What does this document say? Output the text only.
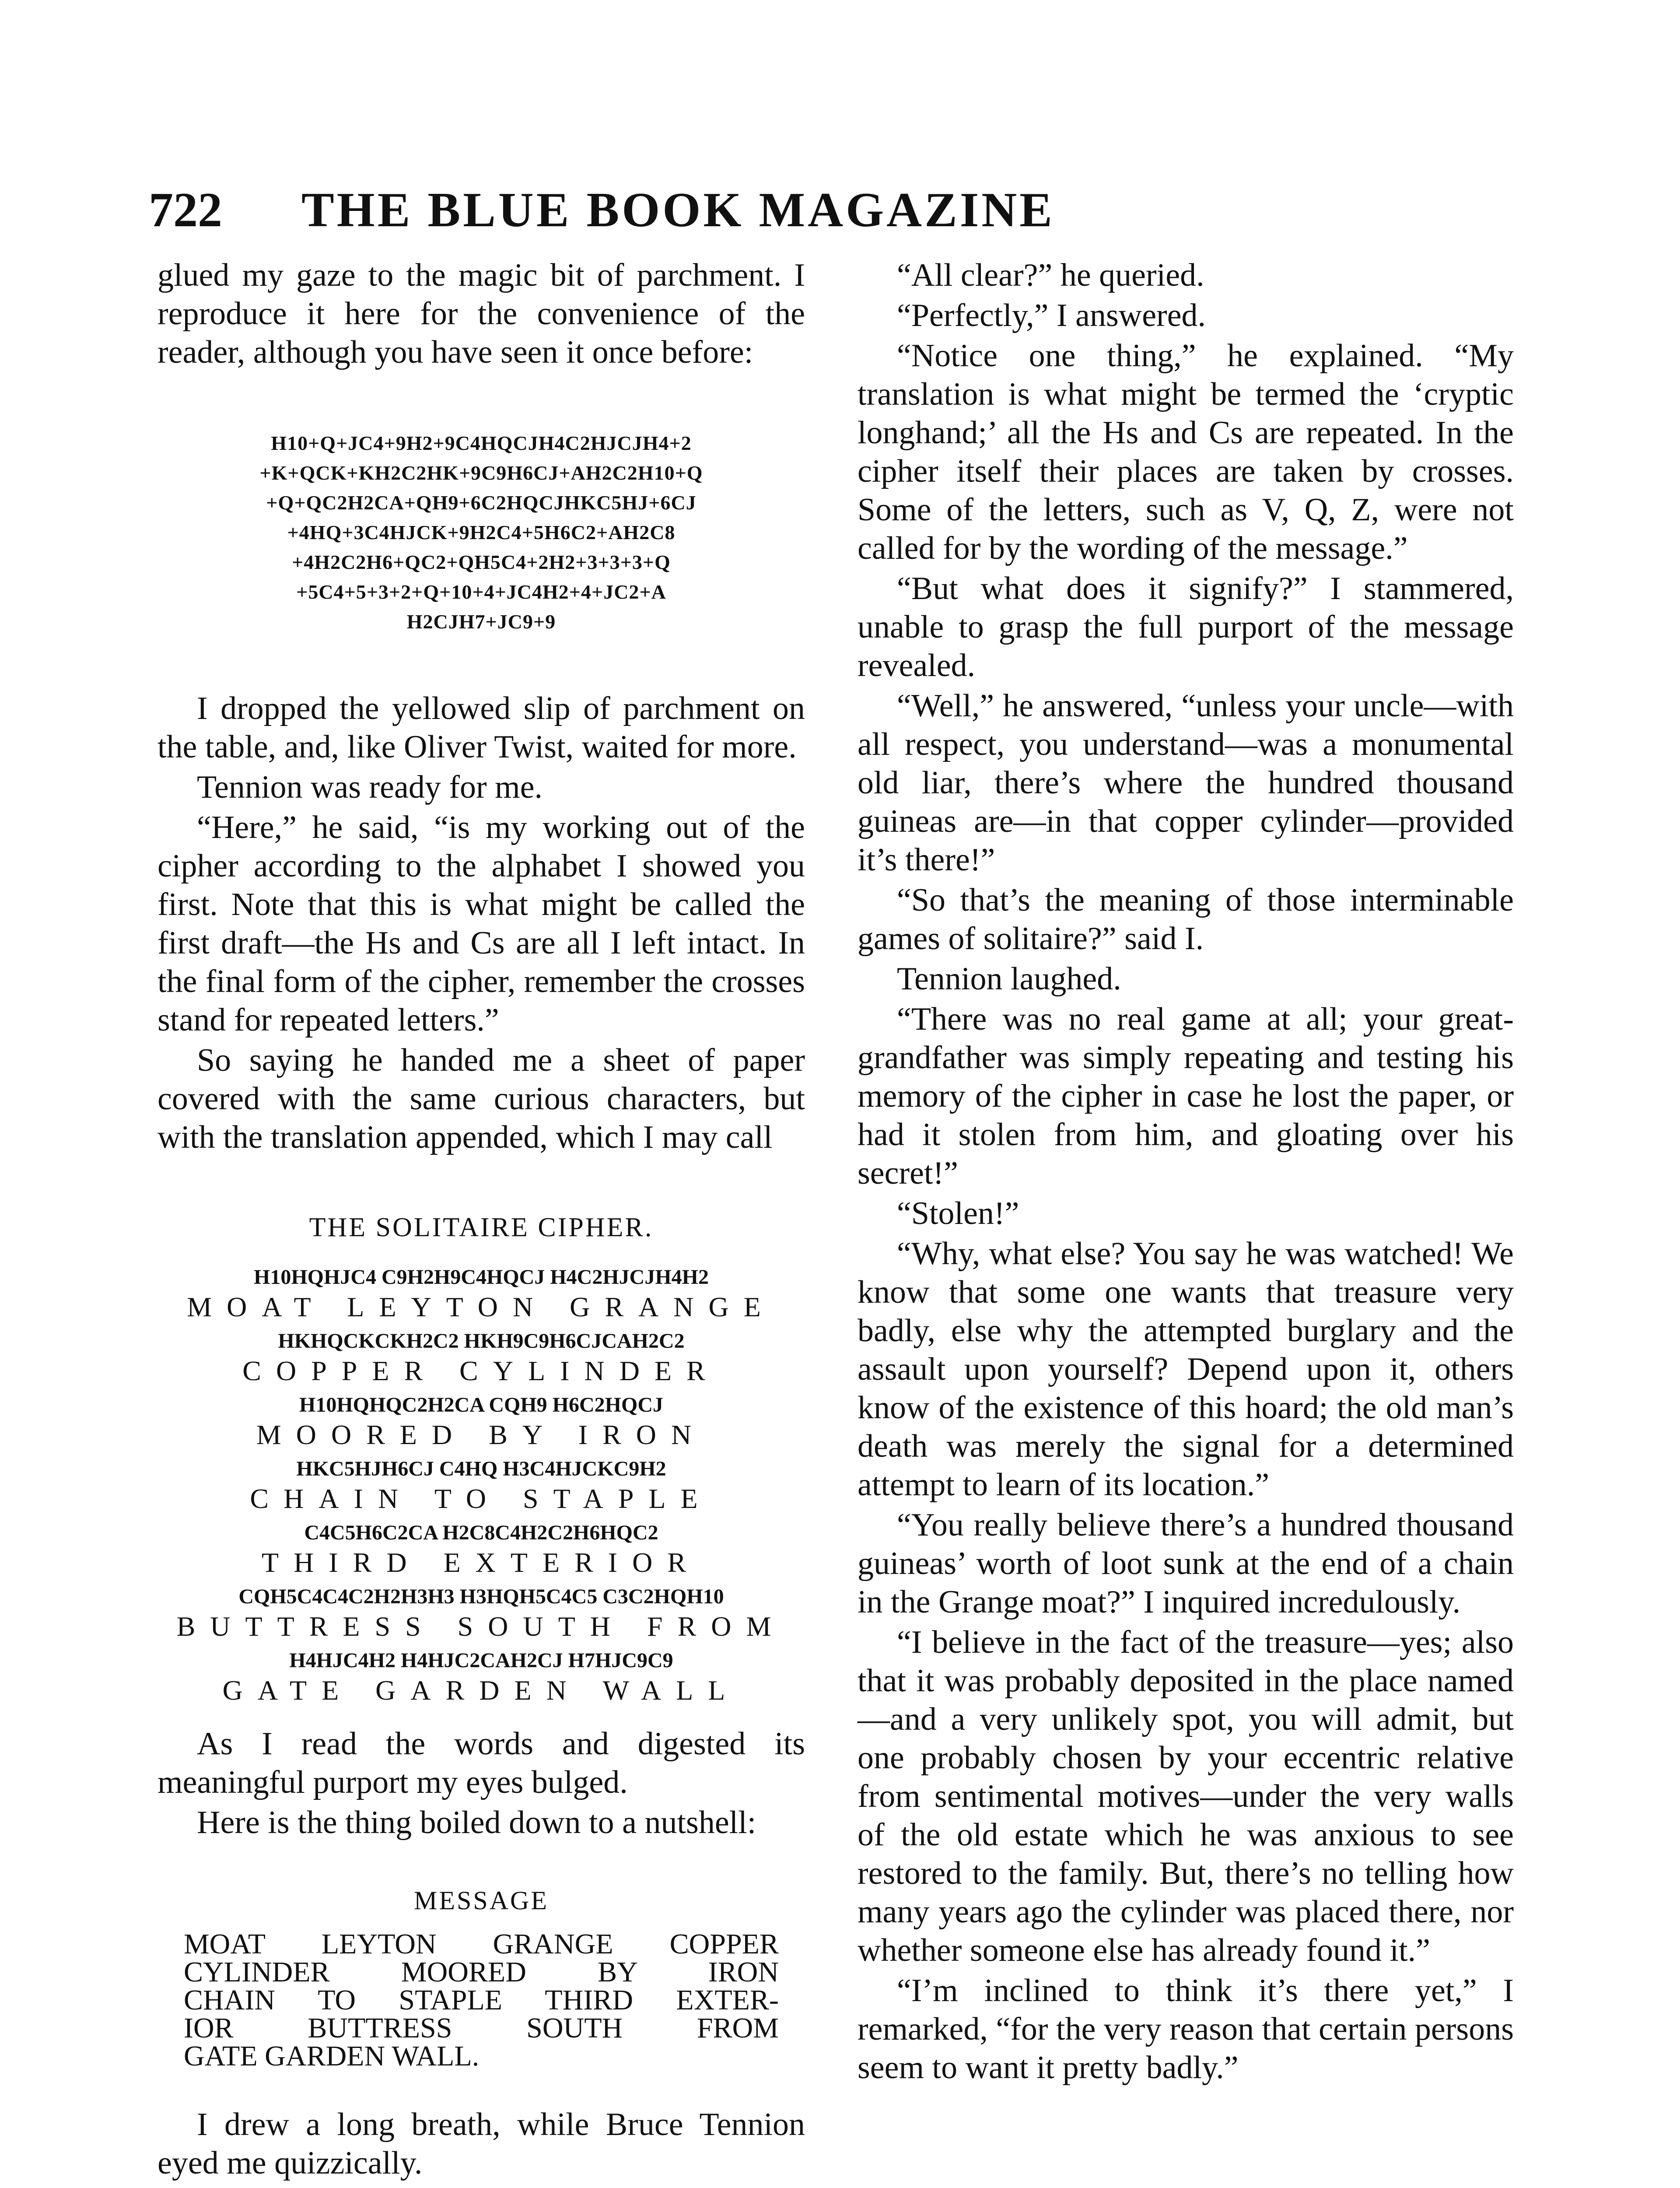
722	THE BLUE BOOK MAGAZINE

glued my gaze to the magic bit of parchment. I reproduce it here for the convenience of the reader, although you have seen it once before:

H10+Q+JC4+9H2+9C4HQCJH4C2HJCJH4+2
+K+QCK+KH2C2HK+9C9H6CJ+AH2C2H10+Q
+Q+QC2H2CA+QH9+6C2HQCJHKC5HJ+6CJ
+4HQ+3C4HJCK+9H2C4+5H6C2+AH2C8
+4H2C2H6+QC2+QH5C4+2H2+3+3+3+Q
+5C4+5+3+2+Q+10+4+JC4H2+4+JC2+A
H2CJH7+JC9+9

I dropped the yellowed slip of parchment on the table, and, like Oliver Twist, waited for more.

Tennion was ready for me.

“Here,” he said, “is my working out of the cipher according to the alphabet I showed you first. Note that this is what might be called the first draft—the Hs and Cs are all I left intact. In the final form of the cipher, remember the crosses stand for repeated letters.”

So saying he handed me a sheet of paper covered with the same curious characters, but with the translation appended, which I may call

THE SOLITAIRE CIPHER.
H10HQHJC4 C9H2H9C4HQCJ H4C2HJCJH4H2
MOAT LEYTON GRANGE
HKHQCKCKH2C2 HKH9C9H6CJCAH2C2
COPPER CYLINDER
H10HQHQC2H2CA CQH9 H6C2HQCJ
MOORED BY IRON
HKC5HJH6CJ C4HQ H3C4HJCKC9H2
CHAIN TO STAPLE
C4C5H6C2CA H2C8C4H2C2H6HQC2
THIRD EXTERIOR
CQH5C4C4C2H2H3H3 H3HQH5C4C5 C3C2HQH10
BUTTRESS SOUTH FROM
H4HJC4H2 H4HJC2CAH2CJ H7HJC9C9
GATE GARDEN WALL

As I read the words and digested its meaningful purport my eyes bulged.

Here is the thing boiled down to a nutshell:

MESSAGE
MOAT LEYTON GRANGE COPPER
CYLINDER MOORED BY IRON
CHAIN TO STAPLE THIRD EXTER-
IOR BUTTRESS SOUTH FROM
GATE GARDEN WALL.

I drew a long breath, while Bruce Tennion eyed me quizzically.

“All clear?” he queried.

“Perfectly,” I answered.

“Notice one thing,” he explained. “My translation is what might be termed the ‘cryptic longhand;’ all the Hs and Cs are repeated. In the cipher itself their places are taken by crosses. Some of the letters, such as V, Q, Z, were not called for by the wording of the message.”

“But what does it signify?” I stammered, unable to grasp the full purport of the message revealed.

“Well,” he answered, “unless your uncle—with all respect, you understand—was a monumental old liar, there’s where the hundred thousand guineas are—in that copper cylinder—provided it’s there!”

“So that’s the meaning of those interminable games of solitaire?” said I.

Tennion laughed.

“There was no real game at all; your great-grandfather was simply repeating and testing his memory of the cipher in case he lost the paper, or had it stolen from him, and gloating over his secret!”

“Stolen!”

“Why, what else? You say he was watched! We know that some one wants that treasure very badly, else why the attempted burglary and the assault upon yourself? Depend upon it, others know of the existence of this hoard; the old man’s death was merely the signal for a determined attempt to learn of its location.”

“You really believe there’s a hundred thousand guineas’ worth of loot sunk at the end of a chain in the Grange moat?” I inquired incredulously.

“I believe in the fact of the treasure—yes; also that it was probably deposited in the place named—and a very unlikely spot, you will admit, but one probably chosen by your eccentric relative from sentimental motives—under the very walls of the old estate which he was anxious to see restored to the family. But, there’s no telling how many years ago the cylinder was placed there, nor whether someone else has already found it.”

“I’m inclined to think it’s there yet,” I remarked, “for the very reason that certain persons seem to want it pretty badly.”
